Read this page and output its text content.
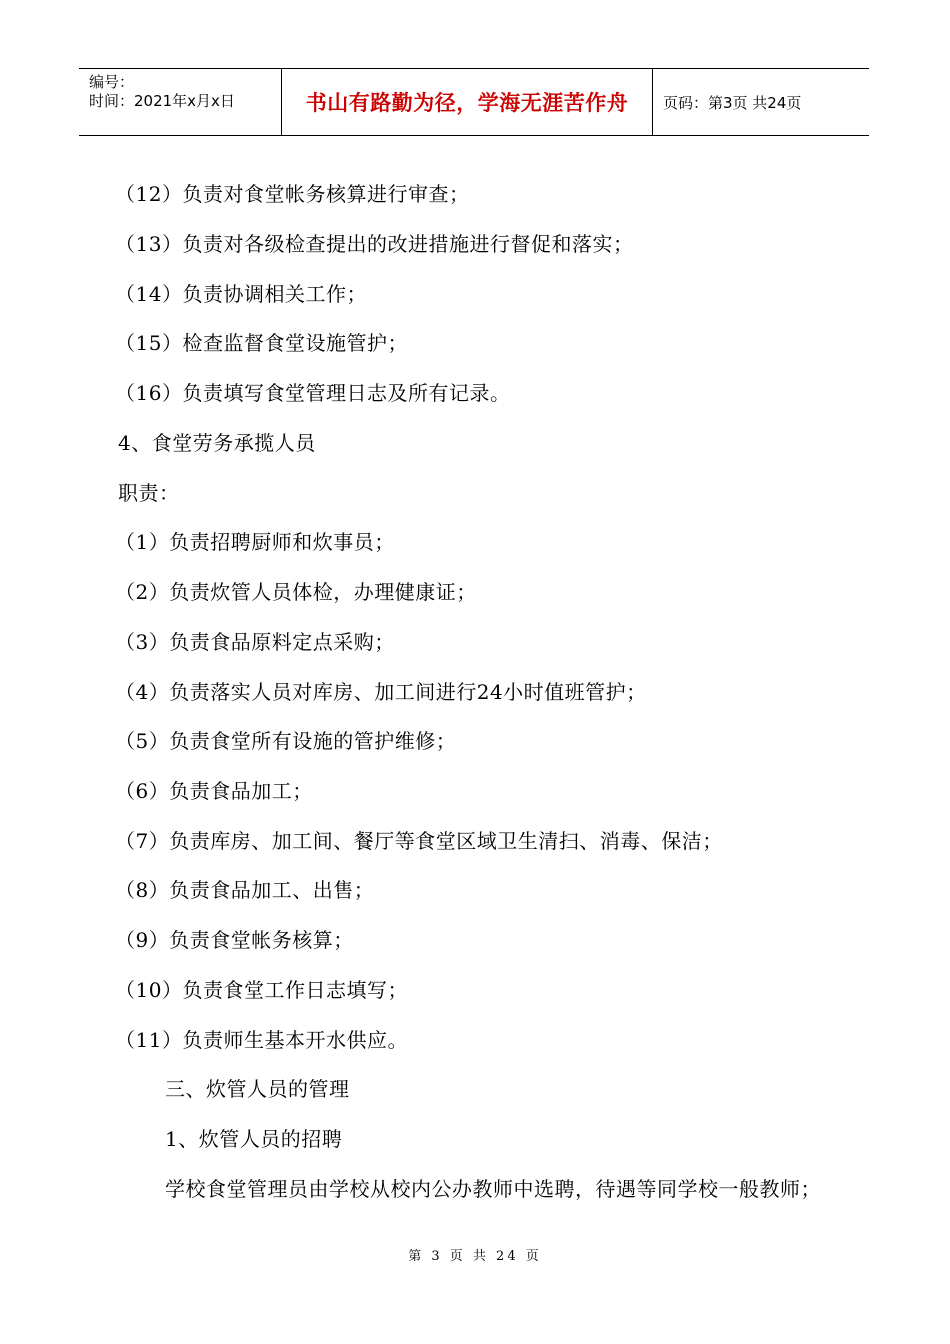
编号：
时间：2021年x月x日	书山有路勤为径，学海无涯苦作舟 页码：第3页 共24页
（12）负责对食堂帐务核算进行审查；
（13）负责对各级检查提出的改进措施进行督促和落实；
（14）负责协调相关工作；
（15）检查监督食堂设施管护；
（16）负责填写食堂管理日志及所有记录。
4、食堂劳务承揽人员
职责：
（1）负责招聘厨师和炊事员；
（2）负责炊管人员体检，办理健康证；
（3）负责食品原料定点采购；
（4）负责落实人员对库房、加工间进行24小时值班管护；
（5）负责食堂所有设施的管护维修；
（6）负责食品加工；
（7）负责库房、加工间、餐厅等食堂区域卫生清扫、消毒、保洁；
（8）负责食品加工、出售；
（9）负责食堂帐务核算；
（10）负责食堂工作日志填写；
（11）负责师生基本开水供应。
三、炊管人员的管理
1、炊管人员的招聘
学校食堂管理员由学校从校内公办教师中选聘，待遇等同学校一般教师；
第 3 页 共 24 页
